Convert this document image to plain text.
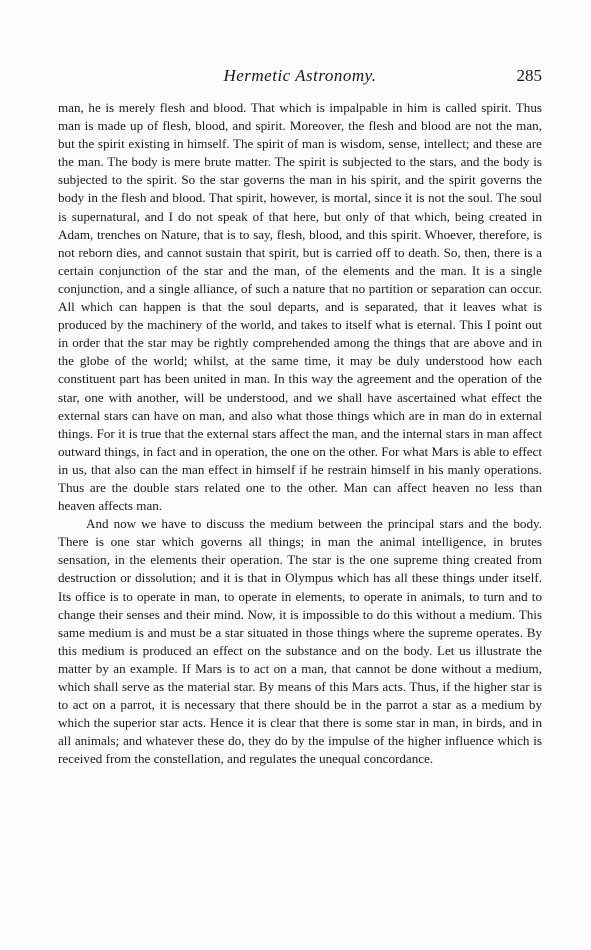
Hermetic Astronomy.	285

man, he is merely flesh and blood. That which is impalpable in him is called spirit. Thus man is made up of flesh, blood, and spirit. Moreover, the flesh and blood are not the man, but the spirit existing in himself. The spirit of man is wisdom, sense, intellect; and these are the man. The body is mere brute matter. The spirit is subjected to the stars, and the body is subjected to the spirit. So the star governs the man in his spirit, and the spirit governs the body in the flesh and blood. That spirit, however, is mortal, since it is not the soul. The soul is supernatural, and I do not speak of that here, but only of that which, being created in Adam, trenches on Nature, that is to say, flesh, blood, and this spirit. Whoever, therefore, is not reborn dies, and cannot sustain that spirit, but is carried off to death. So, then, there is a certain conjunction of the star and the man, of the elements and the man. It is a single conjunction, and a single alliance, of such a nature that no partition or separation can occur. All which can happen is that the soul departs, and is separated, that it leaves what is produced by the machinery of the world, and takes to itself what is eternal. This I point out in order that the star may be rightly comprehended among the things that are above and in the globe of the world; whilst, at the same time, it may be duly understood how each constituent part has been united in man. In this way the agreement and the operation of the star, one with another, will be understood, and we shall have ascertained what effect the external stars can have on man, and also what those things which are in man do in external things. For it is true that the external stars affect the man, and the internal stars in man affect outward things, in fact and in operation, the one on the other. For what Mars is able to effect in us, that also can the man effect in himself if he restrain himself in his manly operations. Thus are the double stars related one to the other. Man can affect heaven no less than heaven affects man.

And now we have to discuss the medium between the principal stars and the body. There is one star which governs all things; in man the animal intelligence, in brutes sensation, in the elements their operation. The star is the one supreme thing created from destruction or dissolution; and it is that in Olympus which has all these things under itself. Its office is to operate in man, to operate in elements, to operate in animals, to turn and to change their senses and their mind. Now, it is impossible to do this without a medium. This same medium is and must be a star situated in those things where the supreme operates. By this medium is produced an effect on the substance and on the body. Let us illustrate the matter by an example. If Mars is to act on a man, that cannot be done without a medium, which shall serve as the material star. By means of this Mars acts. Thus, if the higher star is to act on a parrot, it is necessary that there should be in the parrot a star as a medium by which the superior star acts. Hence it is clear that there is some star in man, in birds, and in all animals; and whatever these do, they do by the impulse of the higher influence which is received from the constellation, and regulates the unequal concordance.
